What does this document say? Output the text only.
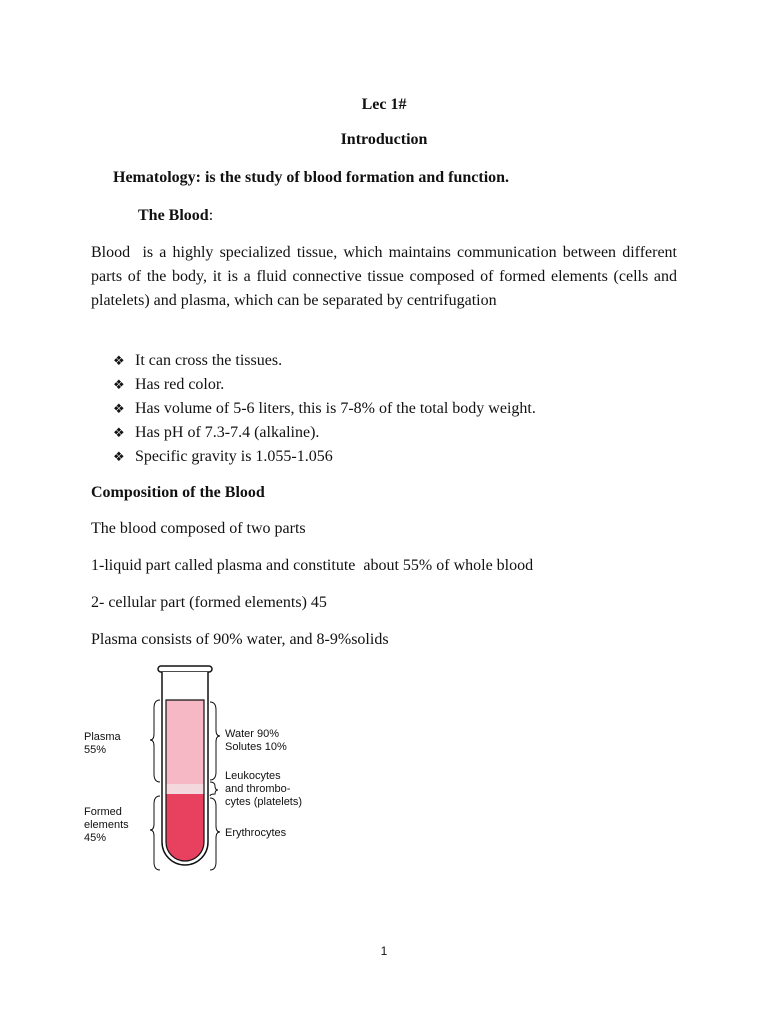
Lec 1#
Introduction
Hematology: is the study of blood formation and function.
The Blood:
Blood  is a highly specialized tissue, which maintains communication between different parts of the body, it is a fluid connective tissue composed of formed elements (cells and platelets) and plasma, which can be separated by centrifugation
❖ It can cross the tissues.
❖ Has red color.
❖ Has volume of 5-6 liters, this is 7-8% of the total body weight.
❖ Has pH of 7.3-7.4 (alkaline).
❖ Specific gravity is 1.055-1.056
Composition of the Blood
The blood composed of two parts
1-liquid part called plasma and constitute  about 55% of whole blood
2- cellular part (formed elements) 45
Plasma consists of 90% water, and 8-9%solids
Plasma
55%
Formed
elements
45%
Water 90%
Solutes 10%
Leukocytes
and thrombo-
cytes (platelets)
Erythrocytes
1
